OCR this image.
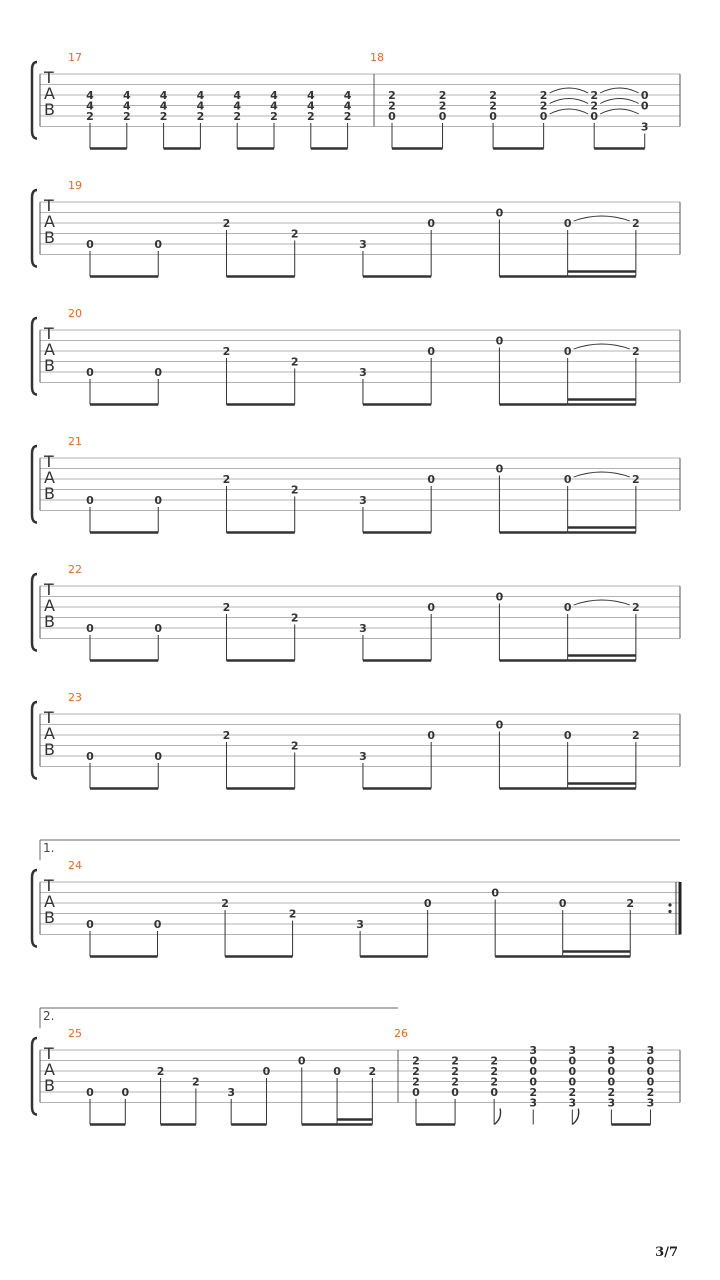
T
A
B
17
4
4
2
4
4
2
4
4
2
4
4
2
4
4
2
4
4
2
4
4
2
4
4
2
18
2
2
0
2
2
0
2
2
0
2
2
0
2
2
0
0
0
3
T
A
B
19
0	0
2
2
3
0
0
0	2
T
A
B
20
0	0
2
2
3
0
0
0	2
T
A
B
21
0	0
2
2
3
0
0
0	2
T
A
B
22
0	0
2
2
3
0
0
0	2
T
A
B
23
0	0
2
2
3
0
0
0	2
T
A
B
1.
24
0	0
2
2
3
0
0
0	2
T
A
B
2.
25
0	0
2
2
3
0
0
0	2
26
2
2
2
0
2
2
2
0
2
2
2
0
3
0
0
0
2
3
3
0
0
0
2
3
3
0
0
0
2
3
3
0
0
0
2
3
3/7
